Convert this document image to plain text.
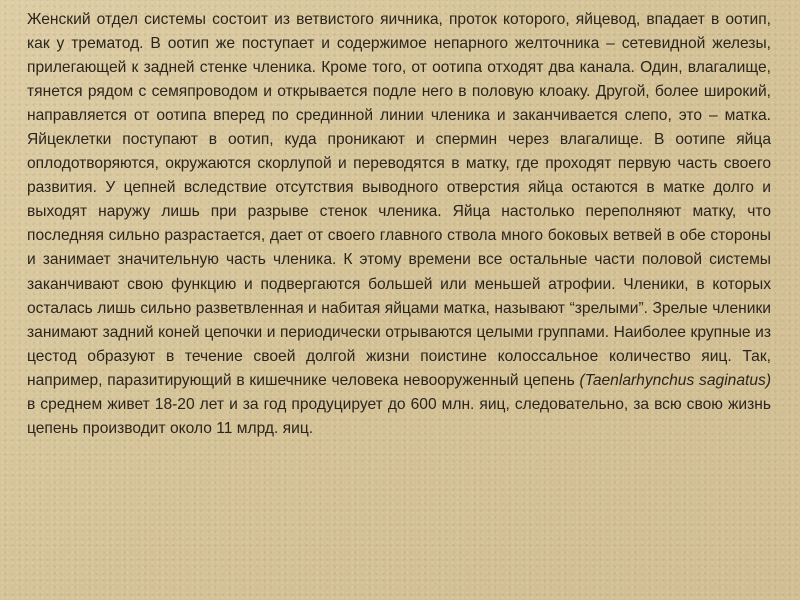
Женский отдел системы состоит из ветвистого яичника, проток которого, яйцевод, впадает в оотип, как у трематод. В оотип же поступает и содержимое непарного желточника – сетевидной железы, прилегающей к задней стенке членика. Кроме того, от оотипа отходят два канала. Один, влагалище, тянется рядом с семяпроводом и открывается подле него в половую клоаку. Другой, более широкий, направляется от оотипа вперед по срединной линии членика и заканчивается слепо, это – матка. Яйцеклетки поступают в оотип, куда проникают и спермин через влагалище. В оотипе яйца оплодотворяются, окружаются скорлупой и переводятся в матку, где проходят первую часть своего развития. У цепней вследствие отсутствия выводного отверстия яйца остаются в матке долго и выходят наружу лишь при разрыве стенок членика. Яйца настолько переполняют матку, что последняя сильно разрастается, дает от своего главного ствола много боковых ветвей в обе стороны и занимает значительную часть членика. К этому времени все остальные части половой системы заканчивают свою функцию и подвергаются большей или меньшей атрофии. Членики, в которых осталась лишь сильно разветвленная и набитая яйцами матка, называют “зрелыми”. Зрелые членики занимают задний коней цепочки и периодически отрываются целыми группами. Наиболее крупные из цестод образуют в течение своей долгой жизни поистине колоссальное количество яиц. Так, например, паразитирующий в кишечнике человека невооруженный цепень (Taenlarhynchus saginatus) в среднем живет 18-20 лет и за год продуцирует до 600 млн. яиц, следовательно, за всю свою жизнь цепень производит около 11 млрд. яиц.
